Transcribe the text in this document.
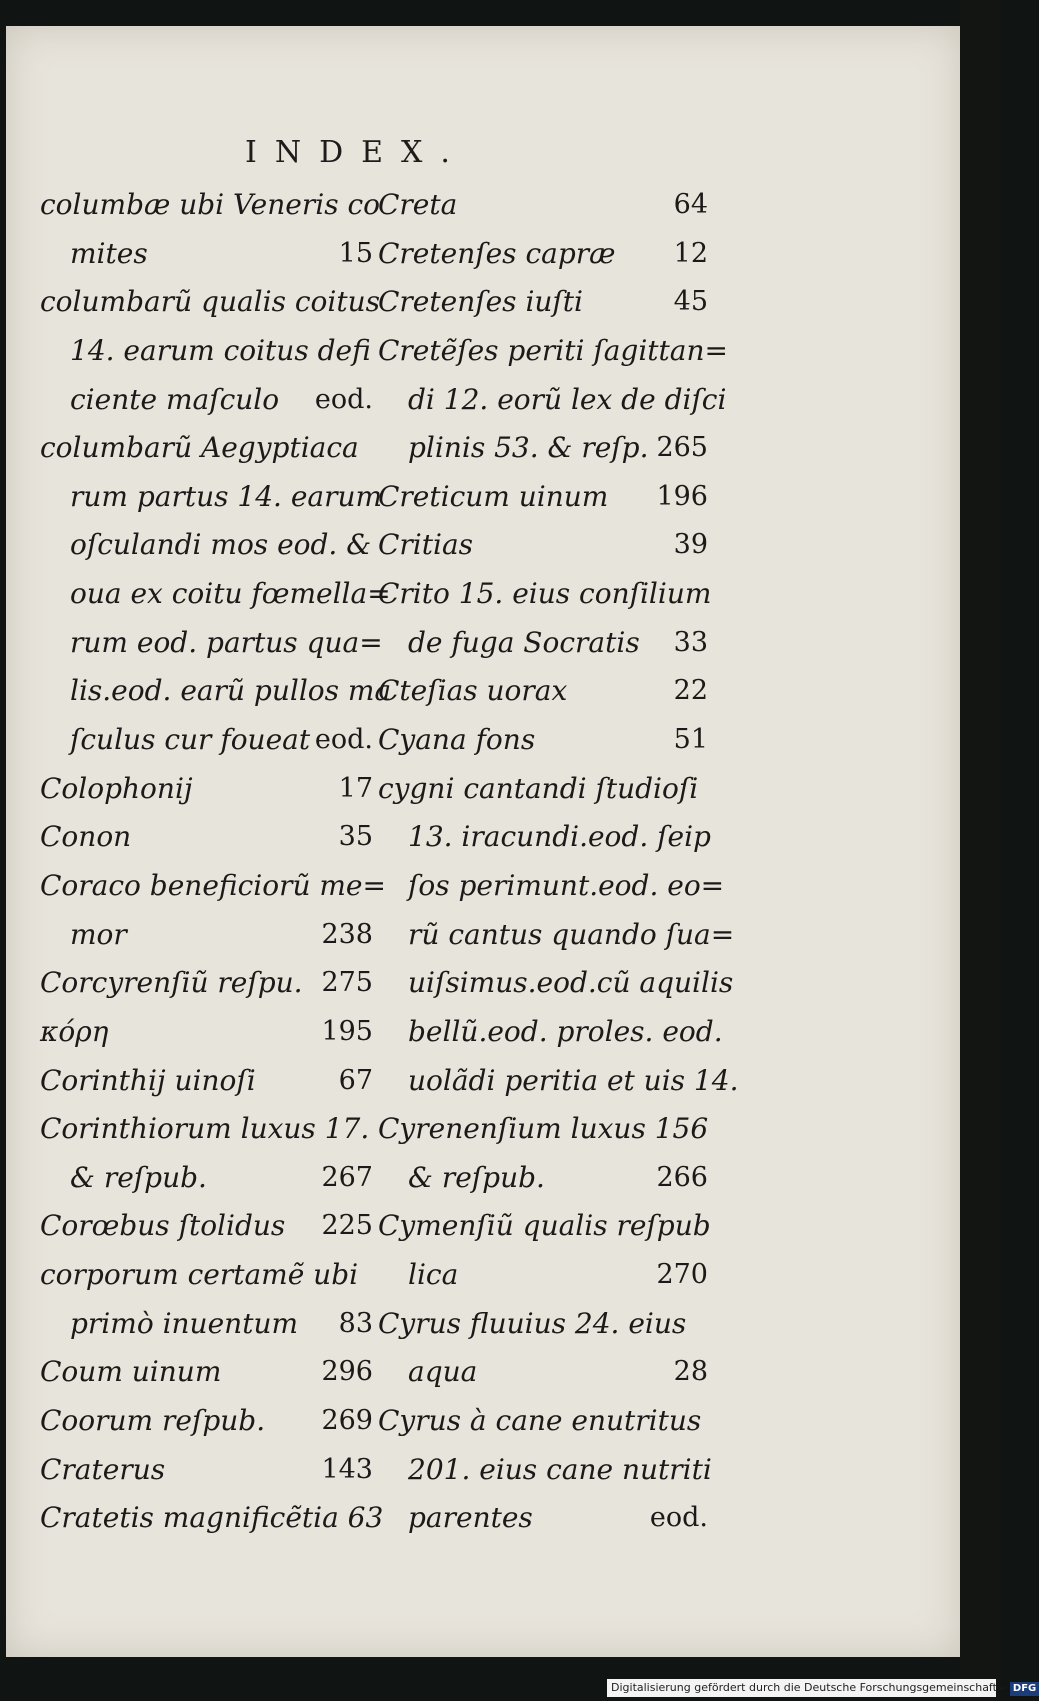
INDEX.
columbæ ubi Veneris co
mites	15
columbarũ qualis coitus
14. earum coitus defi
ciente maſculo eod.
columbarũ Aegyptiaca
rum partus 14. earum
oſculandi mos eod. &
oua ex coitu fœmella=
rum eod. partus qua=
lis.eod. earũ pullos ma
ſculus cur foueat eod.
Colophonij	17
Conon	35
Coraco beneficiorũ me=
mor	238
Corcyrenſiũ reſpu. 275
κόρη	195
Corinthij uinoſi	67
Corinthiorum luxus 17.
& reſpub.	267
Corœbus ſtolidus 225
corporum certamẽ ubi
primò inuentum 83
Coum uinum	296
Coorum reſpub. 269
Craterus	143
Cratetis magnificẽtia 63
Creta	64
Cretenſes capræ 12
Cretenſes iuſti	45
Cretẽſes periti ſagittan=
di 12. eorũ lex de diſci
plinis 53. & reſp. 265
Creticum uinum 196
Critias	39
Crito 15. eius conſilium
de fuga Socratis 33
Cteſias uorax	22
Cyana fons	51
cygni cantandi ſtudioſi
13. iracundi.eod. ſeip
ſos perimunt.eod. eo=
rũ cantus quando ſua=
uiſsimus.eod.cũ aquilis
bellũ.eod. proles. eod.
uolãdi peritia et uis 14.
Cyrenenſium luxus 156
& reſpub.	266
Cymenſiũ qualis reſpub
lica	270
Cyrus fluuius 24. eius
aqua	28
Cyrus à cane enutritus
201. eius cane nutriti
parentes	eod.
Digitalisierung gefördert durch die Deutsche Forschungsgemeinschaft - DFG
